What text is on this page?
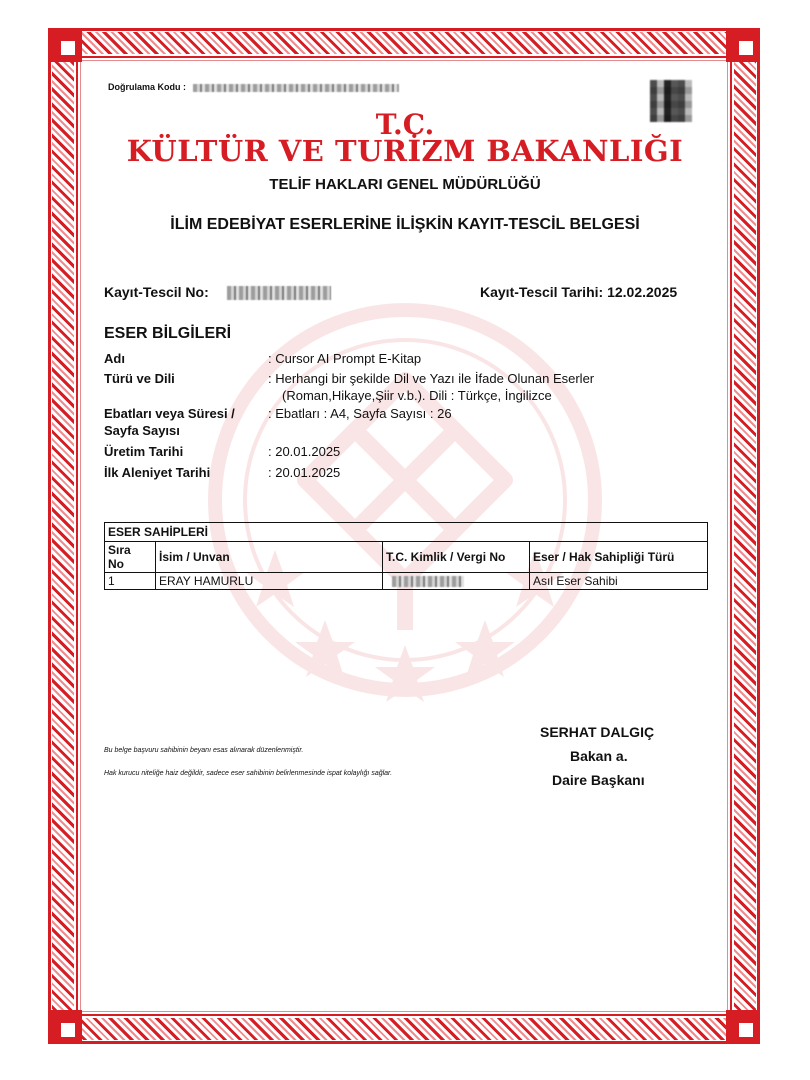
Doğrulama Kodu :
T.C.
KÜLTÜR VE TURİZM BAKANLIĞI
TELİF HAKLARI GENEL MÜDÜRLÜĞÜ
İLİM EDEBİYAT ESERLERİNE İLİŞKİN KAYIT-TESCİL BELGESİ
Kayıt-Tescil No:	Kayıt-Tescil Tarihi: 12.02.2025
ESER BİLGİLERİ
Adı	: Cursor AI Prompt E-Kitap
Türü ve Dili	: Herhangi bir şekilde Dil ve Yazı ile İfade Olunan Eserler
(Roman,Hikaye,Şiir v.b.). Dili : Türkçe, İngilizce
Ebatları veya Süresi /
Sayfa Sayısı
: Ebatları : A4, Sayfa Sayısı : 26
Üretim Tarihi	: 20.01.2025
İlk Aleniyet Tarihi	: 20.01.2025
ESER SAHİPLERİ			
Sıra
No	İsim / Unvan	T.C. Kimlik / Vergi No	Eser / Hak Sahipliği Türü
1	ERAY HAMURLU		Asıl Eser Sahibi
Bu belge başvuru sahibinin beyanı esas alınarak düzenlenmiştir.
Hak kurucu niteliğe haiz değildir, sadece eser sahibinin belirlenmesinde ispat kolaylığı sağlar.
SERHAT DALGIÇ
Bakan a.
Daire Başkanı
